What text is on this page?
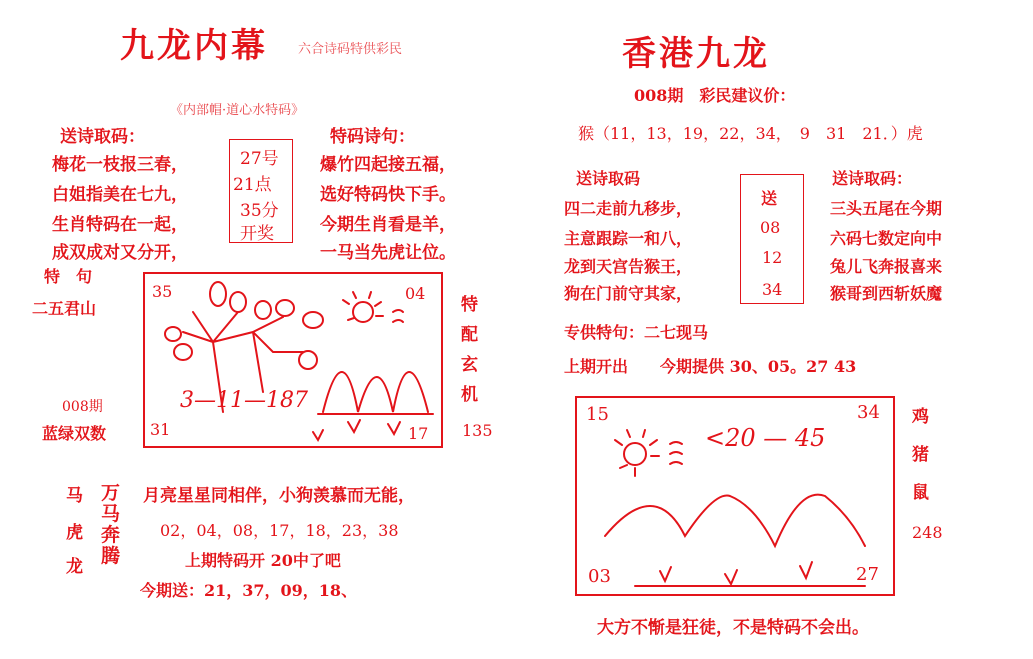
九龙内幕 六合诗码特供彩民
《内部帽·道心水特码》
送诗取码：
梅花一枝报三春，
白姐指美在七九，
生肖特码在一起，
成双成对又分开，
27号
21点
35分
开奖
特码诗句：
爆竹四起接五福，
选好特码快下手。
今期生肖看是羊，
一马当先虎让位。
特　句
二五君山
008期
蓝绿双数
35	04
31	17
3—11—187
特
配
玄
机
135
马
虎
龙
万
马
奔
腾
月亮星星同相伴，小狗羡慕而无能，
02，04，08，17，18，23，38
上期特码开 20中了吧
今期送：21，37，09，18、
香港九龙
008期　彩民建议价：
猴（11，13，19，22，34，　9　31　21．）虎
送诗取码
四二走前九移步，
主意跟踪一和八，
龙到天宫告猴王，
狗在门前守其家，
送
08
12
34
送诗取码：
三头五尾在今期
六码七数定向中
兔儿飞奔报喜来
猴哥到西斩妖魔
专供特句：二七现马
上期开出　　今期提供 30、05。27 43
15	34
03	27
<20 — 45
鸡
猪
鼠
248
大方不惭是狂徒，不是特码不会出。
